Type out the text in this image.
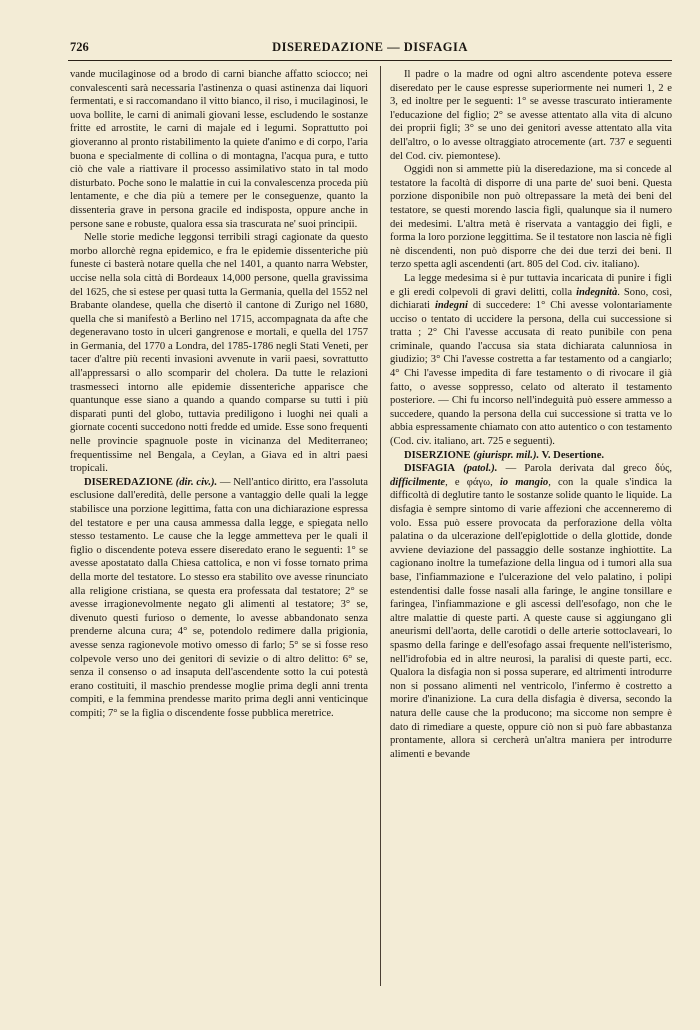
726	DISEREDAZIONE — DISFAGIA

vande mucilaginose od a brodo di carni bianche affatto sciocco; nei convalescenti sarà necessaria l'astinenza o quasi astinenza dai liquori fermentati, e si raccomandano il vitto bianco, il riso, i mucilaginosi, le uova bollite, le carni di animali giovani lesse, escludendo le sostanze fritte ed arrostite, le carni di majale ed i legumi. Soprattutto poi gioveranno al pronto ristabilimento la quiete d'animo e di corpo, l'aria buona e specialmente di collina o di montagna, l'acqua pura, e tutto ciò che vale a riattivare il processo assimilativo stato in tal modo disturbato. Poche sono le malattie in cui la convalescenza proceda più lentamente, e che dia più a temere per le conseguenze, quanto la dissenteria grave in persona gracile ed indisposta, oppure anche in persone sane e robuste, qualora essa sia trascurata ne' suoi principii.

Nelle storie mediche leggonsi terribili stragi cagionate da questo morbo allorchè regna epidemico, e fra le epidemie dissenteriche più funeste ci basterà notare quella che nel 1401, a quanto narra Webster, uccise nella sola città di Bordeaux 14,000 persone, quella gravissima del 1625, che si estese per quasi tutta la Germania, quella del 1552 nel Brabante olandese, quella che disertò il cantone di Zurigo nel 1680, quella che si manifestò a Berlino nel 1715, accompagnata da afte che degeneravano tosto in ulceri gangrenose e mortali, e quella del 1757 in Germania, del 1770 a Londra, del 1785-1786 negli Stati Veneti, per tacer d'altre più recenti invasioni avvenute in varii paesi, sovrattutto all'appressarsi o allo scomparir del cholera. Da tutte le relazioni trasmesseci intorno alle epidemie dissenteriche apparisce che quantunque esse siano a quando a quando comparse su tutti i più disparati punti del globo, tuttavia prediligono i luoghi nei quali a giornate cocenti succedono notti fredde ed umide. Esse sono frequenti nelle provincie spagnuole poste in vicinanza del Mediterraneo; frequentissime nel Bengala, a Ceylan, a Giava ed in altri paesi tropicali.

DISEREDAZIONE (dir. civ.). — Nell'antico diritto, era l'assoluta esclusione dall'eredità, delle persone a vantaggio delle quali la legge stabilisce una porzione legittima, fatta con una dichiarazione espressa del testatore e per una causa ammessa dalla legge, e spiegata nello stesso testamento. Le cause che la legge ammetteva per le quali il figlio o discendente poteva essere diseredato erano le seguenti: 1° se avesse apostatato dalla Chiesa cattolica, e non vi fosse tornato prima della morte del testatore. Lo stesso era stabilito ove avesse rinunciato alla religione cristiana, se questa era professata dal testatore; 2° se avesse irragionevolmente negato gli alimenti al testatore; 3° se, divenuto questi furioso o demente, lo avesse abbandonato senza prenderne alcuna cura; 4° se, potendolo redimere dalla prigionia, avesse senza ragionevole motivo omesso di farlo; 5° se si fosse reso colpevole verso uno dei genitori di sevizie o di altro delitto: 6° se, senza il consenso o ad insaputa dell'ascendente sotto la cui potestà erano costituiti, il maschio prendesse moglie prima degli anni trenta compiti, e la femmina prendesse marito prima degli anni venticinque compiti; 7° se la figlia o discendente fosse pubblica meretrice.

Il padre o la madre od ogni altro ascendente poteva essere diseredato per le cause espresse superiormente nei numeri 1, 2 e 3, ed inoltre per le seguenti: 1° se avesse trascurato intieramente l'educazione del figlio; 2° se avesse attentato alla vita di alcuno dei proprii figli; 3° se uno dei genitori avesse attentato alla vita dell'altro, o lo avesse oltraggiato atrocemente (art. 737 e seguenti del Cod. civ. piemontese).

Oggidì non si ammette più la diseredazione, ma si concede al testatore la facoltà di disporre di una parte de' suoi beni. Questa porzione disponibile non può oltrepassare la metà dei beni del testatore, se questi morendo lascia figli, qualunque sia il numero dei medesimi. L'altra metà è riservata a vantaggio dei figli, e forma la loro porzione leggittima. Se il testatore non lascia nè figli nè discendenti, non può disporre che dei due terzi dei beni. Il terzo spetta agli ascendenti (art. 805 del Cod. civ. italiano).

La legge medesima si è pur tuttavia incaricata di punire i figli e gli eredi colpevoli di gravi delitti, colla indegnità. Sono, così, dichiarati indegni di succedere: 1° Chi avesse volontariamente ucciso o tentato di uccidere la persona, della cui successione si tratta ; 2° Chi l'avesse accusata di reato punibile con pena criminale, quando l'accusa sia stata dichiarata calunniosa in giudizio; 3° Chi l'avesse costretta a far testamento od a cangiarlo; 4° Chi l'avesse impedita di fare testamento o di rivocare il già fatto, o avesse soppresso, celato od alterato il testamento posteriore. — Chi fu incorso nell'indeguità può essere ammesso a succedere, quando la persona della cui successione si tratta ve lo abbia espressamente chiamato con atto autentico o con testamento (Cod. civ. italiano, art. 725 e seguenti).

DISERZIONE (giurispr. mil.). V. Desertione.

DISFAGIA (patol.). — Parola derivata dal greco δύς, difficilmente, e φάγω, io mangio, con la quale s'indica la difficoltà di deglutire tanto le sostanze solide quanto le liquide. La disfagia è sempre sintomo di varie affezioni che accenneremo di volo. Essa può essere provocata da perforazione della vòlta palatina o da ulcerazione dell'epiglottide o della glottide, donde avviene deviazione del passaggio delle sostanze inghiottite. La cagionano inoltre la tumefazione della lingua od i tumori alla sua base, l'infiammazione e l'ulcerazione del velo palatino, i polipi estendentisi dalle fosse nasali alla faringe, le angine tonsillare e faringea, l'infiammazione e gli ascessi dell'esofago, non che le altre malattie di queste parti. A queste cause si aggiungano gli aneurismi dell'aorta, delle carotidi o delle arterie sottoclaveari, lo spasmo della faringe e dell'esofago assai frequente nell'isterismo, nell'idrofobia ed in altre neurosi, la paralisi di queste parti, ecc. Qualora la disfagia non si possa superare, ed altrimenti introdurre non si possano alimenti nel ventricolo, l'infermo è costretto a morire d'inanizione. La cura della disfagia è diversa, secondo la natura delle cause che la producono; ma siccome non sempre è dato di rimediare a queste, oppure ciò non si può fare abbastanza prontamente, allora si cercherà un'altra maniera per introdurre alimenti e bevande
